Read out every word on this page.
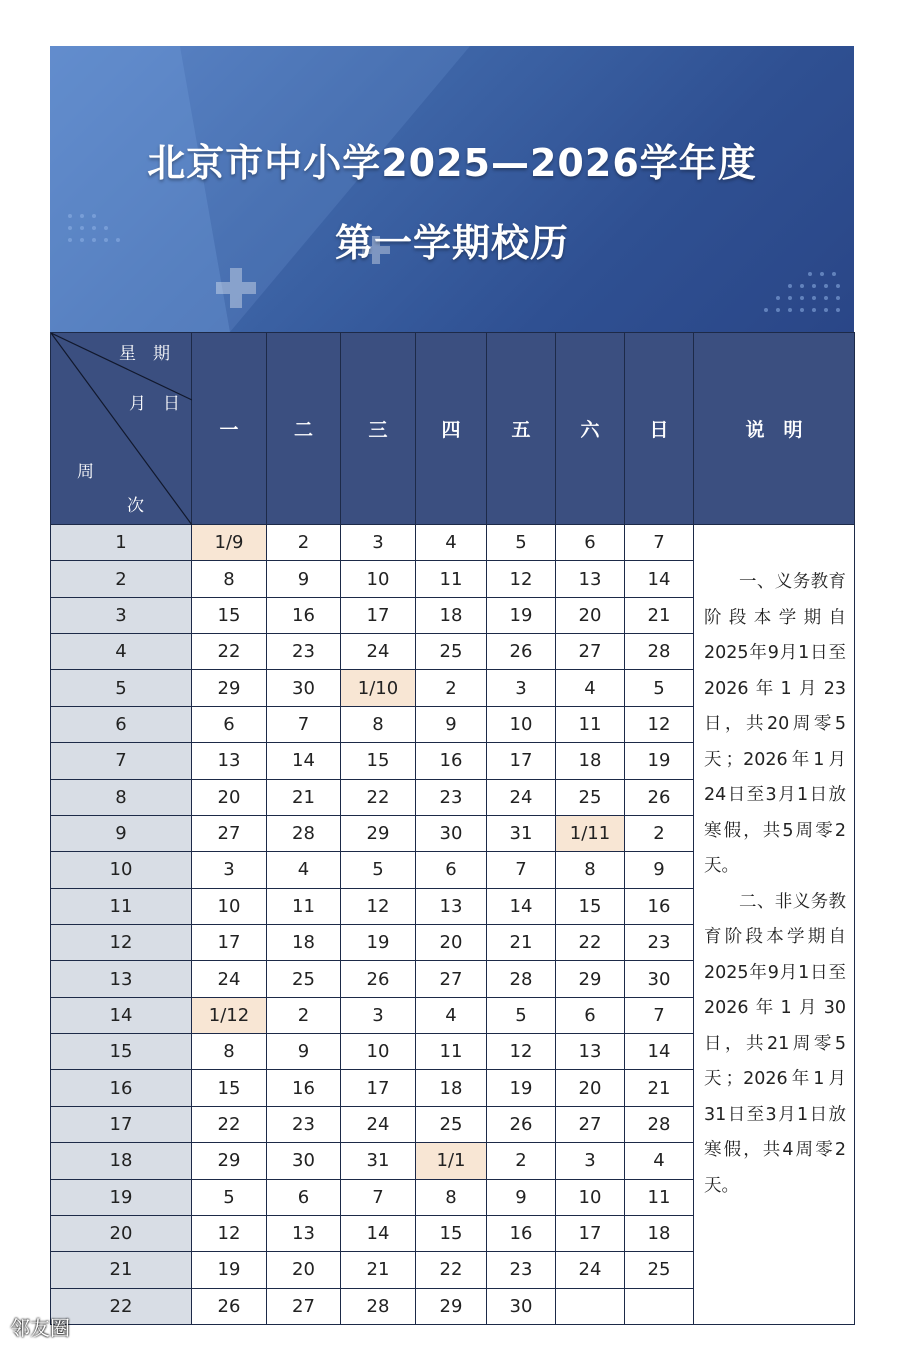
北京市中小学2025—2026学年度
第一学期校历
星　期
月　日
周
次
一	二	三	四	五	六	日	说　明
1	1/9	2	3	4	5	6	7

一、义务教育阶段本学期自2025年9月1日至2026年1月23日，共20周零5天；2026年1月24日至3月1日放寒假，共5周零2天。

二、非义务教育阶段本学期自2025年9月1日至2026年1月30日，共21周零5天；2026年1月31日至3月1日放寒假，共4周零2天。

2	8	9	10	11	12	13	14
3	15	16	17	18	19	20	21
4	22	23	24	25	26	27	28
5	29	30	1/10	2	3	4	5
6	6	7	8	9	10	11	12
7	13	14	15	16	17	18	19
8	20	21	22	23	24	25	26
9	27	28	29	30	31	1/11	2
10	3	4	5	6	7	8	9
11	10	11	12	13	14	15	16
12	17	18	19	20	21	22	23
13	24	25	26	27	28	29	30
14	1/12	2	3	4	5	6	7
15	8	9	10	11	12	13	14
16	15	16	17	18	19	20	21
17	22	23	24	25	26	27	28
18	29	30	31	1/1	2	3	4
19	5	6	7	8	9	10	11
20	12	13	14	15	16	17	18
21	19	20	21	22	23	24	25
22	26	27	28	29	30
邻友圈
